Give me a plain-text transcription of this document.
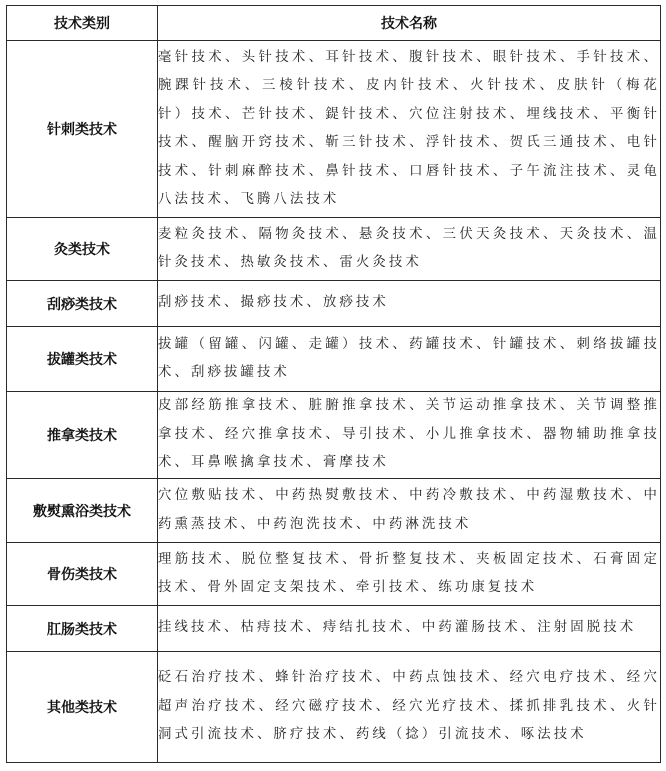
技术类别	技术名称
针刺类技术	毫针技术、头针技术、耳针技术、腹针技术、眼针技术、手针技术、腕踝针技术、三棱针技术、皮内针技术、火针技术、皮肤针（梅花针）技术、芒针技术、鍉针技术、穴位注射技术、埋线技术、平衡针技术、醒脑开窍技术、靳三针技术、浮针技术、贺氏三通技术、电针技术、针刺麻醉技术、鼻针技术、口唇针技术、子午流注技术、灵龟八法技术、飞腾八法技术
灸类技术	麦粒灸技术、隔物灸技术、悬灸技术、三伏天灸技术、天灸技术、温针灸技术、热敏灸技术、雷火灸技术
刮痧类技术	刮痧技术、撮痧技术、放痧技术
拔罐类技术	拔罐（留罐、闪罐、走罐）技术、药罐技术、针罐技术、刺络拔罐技术、刮痧拔罐技术
推拿类技术	皮部经筋推拿技术、脏腑推拿技术、关节运动推拿技术、关节调整推拿技术、经穴推拿技术、导引技术、小儿推拿技术、器物辅助推拿技术、耳鼻喉擒拿技术、膏摩技术
敷熨熏浴类技术	穴位敷贴技术、中药热熨敷技术、中药冷敷技术、中药湿敷技术、中药熏蒸技术、中药泡洗技术、中药淋洗技术
骨伤类技术	理筋技术、脱位整复技术、骨折整复技术、夹板固定技术、石膏固定技术、骨外固定支架技术、牵引技术、练功康复技术
肛肠类技术	挂线技术、枯痔技术、痔结扎技术、中药灌肠技术、注射固脱技术
其他类技术	砭石治疗技术、蜂针治疗技术、中药点蚀技术、经穴电疗技术、经穴超声治疗技术、经穴磁疗技术、经穴光疗技术、揉抓排乳技术、火针洞式引流技术、脐疗技术、药线（捻）引流技术、啄法技术
